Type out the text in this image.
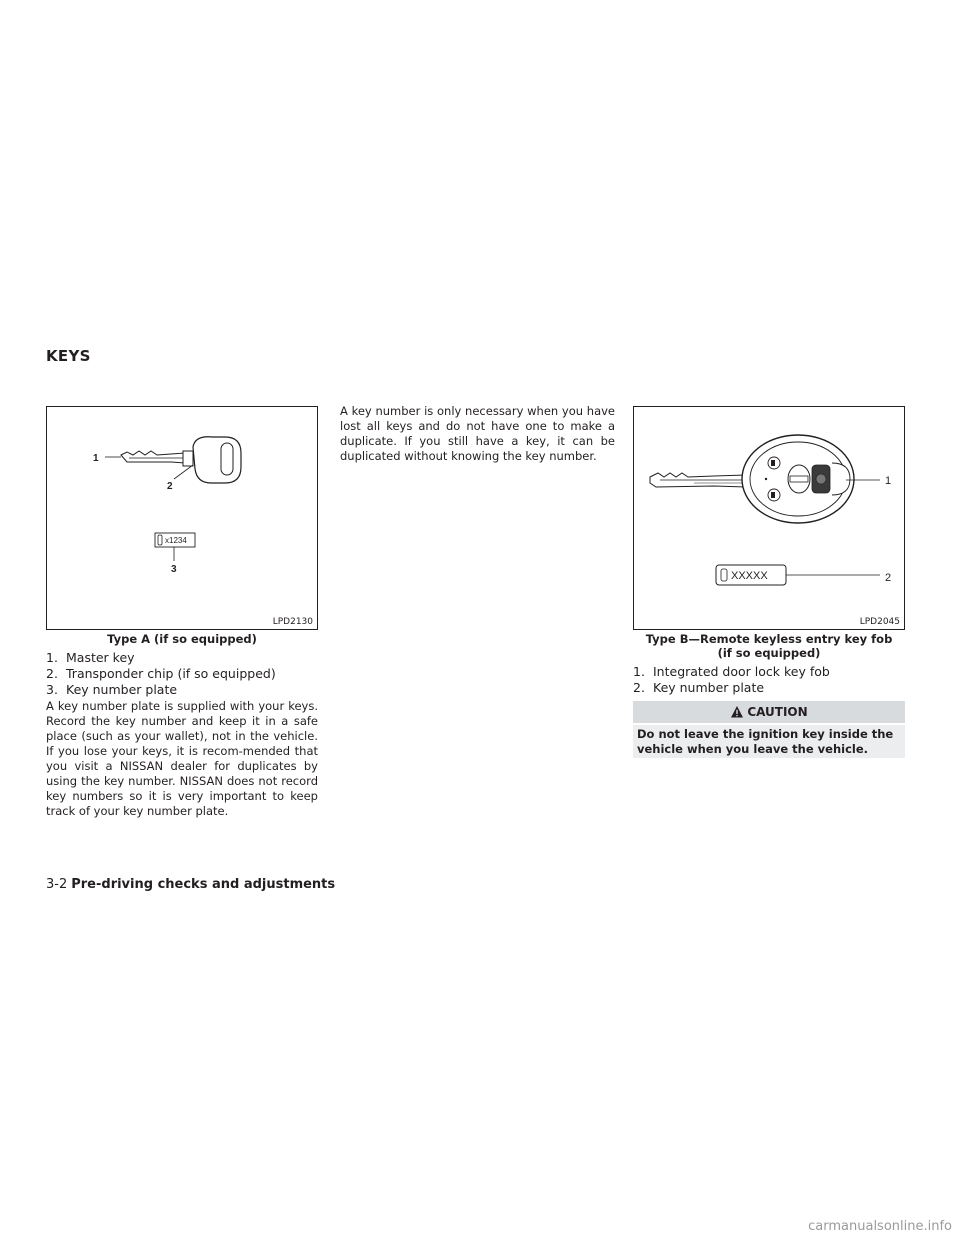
KEYS
1
2
x1234
3
LPD2130
Type A (if so equipped)
1. Master key
2. Transponder chip (if so equipped)
3. Key number plate

A key number plate is supplied with your keys. Record the key number and keep it in a safe place (such as your wallet), not in the vehicle. If you lose your keys, it is recom-mended that you visit a NISSAN dealer for duplicates by using the key number. NISSAN does not record key numbers so it is very important to keep track of your key number plate.

A key number is only necessary when you have lost all keys and do not have one to make a duplicate. If you still have a key, it can be duplicated without knowing the key number.

1
XXXXX	2
LPD2045
Type B—Remote keyless entry key fob
(if so equipped)
1. Integrated door lock key fob
2. Key number plate
CAUTION
Do not leave the ignition key inside the vehicle when you leave the vehicle.
3-2 Pre-driving checks and adjustments
carmanualsonline.info
